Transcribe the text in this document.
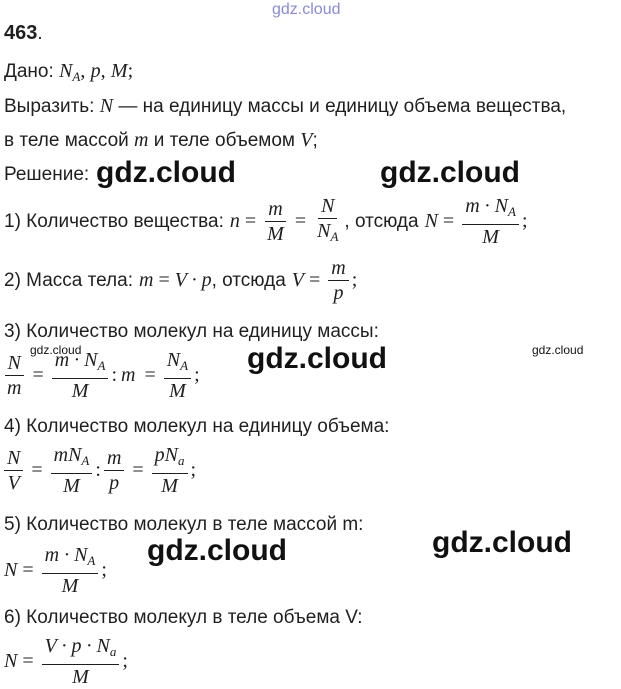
gdz.cloud
gdz.cloud	gdz.cloud
gdz.cloud	gdz.cloud	gdz.cloud
gdz.cloud	gdz.cloud
463.
Дано: $N_A$, p, M;
Выразить: N — на единицу массы и единицу объема вещества,
в теле массой m и теле объемом V;
Решение:
1) Количество вещества: $n = \frac{m}{M} = \frac{N}{N_A}$ , отсюда $N = \frac{m \cdot N_A}{M}$ ;
2) Масса тела: m = V · p , отсюда $V = \frac{m}{p}$ ;
3) Количество молекул на единицу массы:
$\frac{N}{m} = \frac{m \cdot N_A}{M}$ : $m = \frac{N_A}{M}$ ;
4) Количество молекул на единицу объема:
$\frac{N}{V} = \frac{mN_A}{M}$ : $\frac{m}{p} = \frac{pN_a}{M}$ ;
5) Количество молекул в теле массой m:
$N = \frac{m \cdot N_A}{M}$ ;
6) Количество молекул в теле объема V:
$N = \frac{V \cdot p \cdot N_a}{M}$ ;
